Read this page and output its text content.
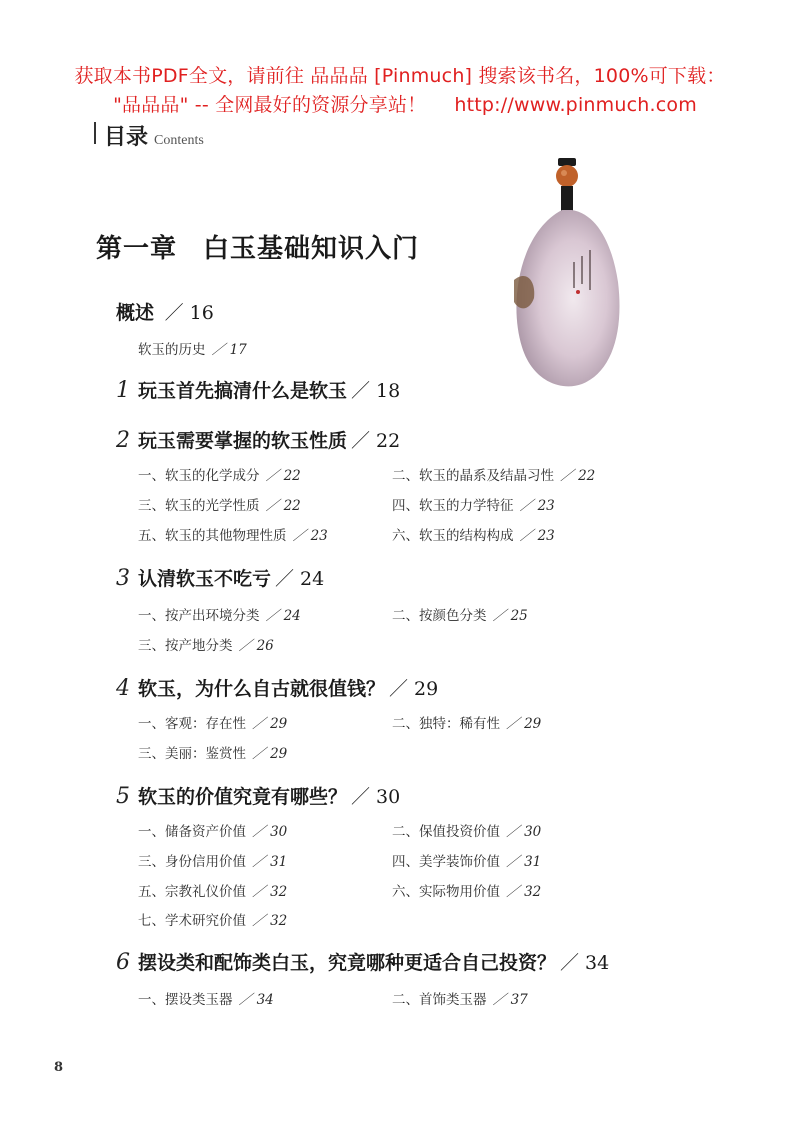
获取本书PDF全文，请前往 品品品 [Pinmuch] 搜索该书名，100%可下载：

"品品品" -- 全网最好的资源分享站！ http://www.pinmuch.com
目录 Contents
第一章 白玉基础知识入门
概述 ／ 16
软玉的历史 ／ 17
1 玩玉首先搞清什么是软玉 ／ 18
2 玩玉需要掌握的软玉性质 ／ 22
一、软玉的化学成分 ／ 22	二、软玉的晶系及结晶习性 ／ 22
三、软玉的光学性质 ／ 22	四、软玉的力学特征 ／ 23
五、软玉的其他物理性质 ／ 23	六、软玉的结构构成 ／ 23
3 认清软玉不吃亏 ／ 24
一、按产出环境分类 ／ 24	二、按颜色分类 ／ 25
三、按产地分类 ／ 26
4 软玉，为什么自古就很值钱？ ／ 29
一、客观：存在性 ／ 29	二、独特：稀有性 ／ 29
三、美丽：鉴赏性 ／ 29
5 软玉的价值究竟有哪些？ ／ 30
一、储备资产价值 ／ 30	二、保值投资价值 ／ 30
三、身份信用价值 ／ 31	四、美学装饰价值 ／ 31
五、宗教礼仪价值 ／ 32	六、实际物用价值 ／ 32
七、学术研究价值 ／ 32
6 摆设类和配饰类白玉，究竟哪种更适合自己投资？ ／ 34
一、摆设类玉器 ／ 34	二、首饰类玉器 ／ 37
8
